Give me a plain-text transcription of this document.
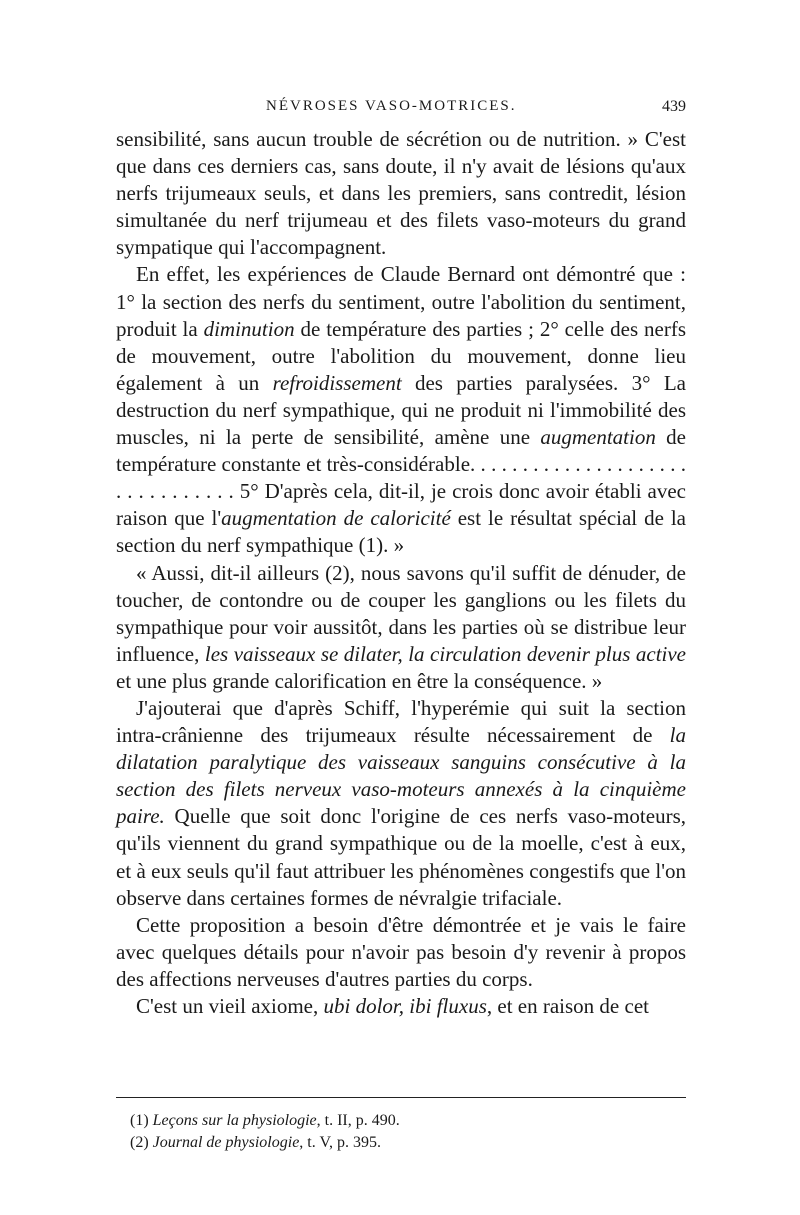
NÉVROSES VASO-MOTRICES.	439

sensibilité, sans aucun trouble de sécrétion ou de nutrition. » C'est que dans ces derniers cas, sans doute, il n'y avait de lésions qu'aux nerfs trijumeaux seuls, et dans les premiers, sans contredit, lésion simultanée du nerf trijumeau et des filets vaso-moteurs du grand sympatique qui l'accompagnent.

En effet, les expériences de Claude Bernard ont démontré que : 1° la section des nerfs du sentiment, outre l'abolition du sentiment, produit la diminution de température des parties ; 2° celle des nerfs de mouvement, outre l'abolition du mouvement, donne lieu également à un refroidissement des parties paralysées. 3° La destruction du nerf sympathique, qui ne produit ni l'immobilité des muscles, ni la perte de sensibilité, amène une augmentation de température constante et très-considérable. . . . . . . . . . . . . . . . . . . . . . . . . . . . . . . . 5° D'après cela, dit-il, je crois donc avoir établi avec raison que l'augmentation de caloricité est le résultat spécial de la section du nerf sympathique (1). »

« Aussi, dit-il ailleurs (2), nous savons qu'il suffit de dénuder, de toucher, de contondre ou de couper les ganglions ou les filets du sympathique pour voir aussitôt, dans les parties où se distribue leur influence, les vaisseaux se dilater, la circulation devenir plus active et une plus grande calorification en être la conséquence. »

J'ajouterai que d'après Schiff, l'hyperémie qui suit la section intra-crânienne des trijumeaux résulte nécessairement de la dilatation paralytique des vaisseaux sanguins consécutive à la section des filets nerveux vaso-moteurs annexés à la cinquième paire. Quelle que soit donc l'origine de ces nerfs vaso-moteurs, qu'ils viennent du grand sympathique ou de la moelle, c'est à eux, et à eux seuls qu'il faut attribuer les phénomènes congestifs que l'on observe dans certaines formes de névralgie trifaciale.

Cette proposition a besoin d'être démontrée et je vais le faire avec quelques détails pour n'avoir pas besoin d'y revenir à propos des affections nerveuses d'autres parties du corps.

C'est un vieil axiome, ubi dolor, ibi fluxus, et en raison de cet

(1) Leçons sur la physiologie, t. II, p. 490.
(2) Journal de physiologie, t. V, p. 395.
